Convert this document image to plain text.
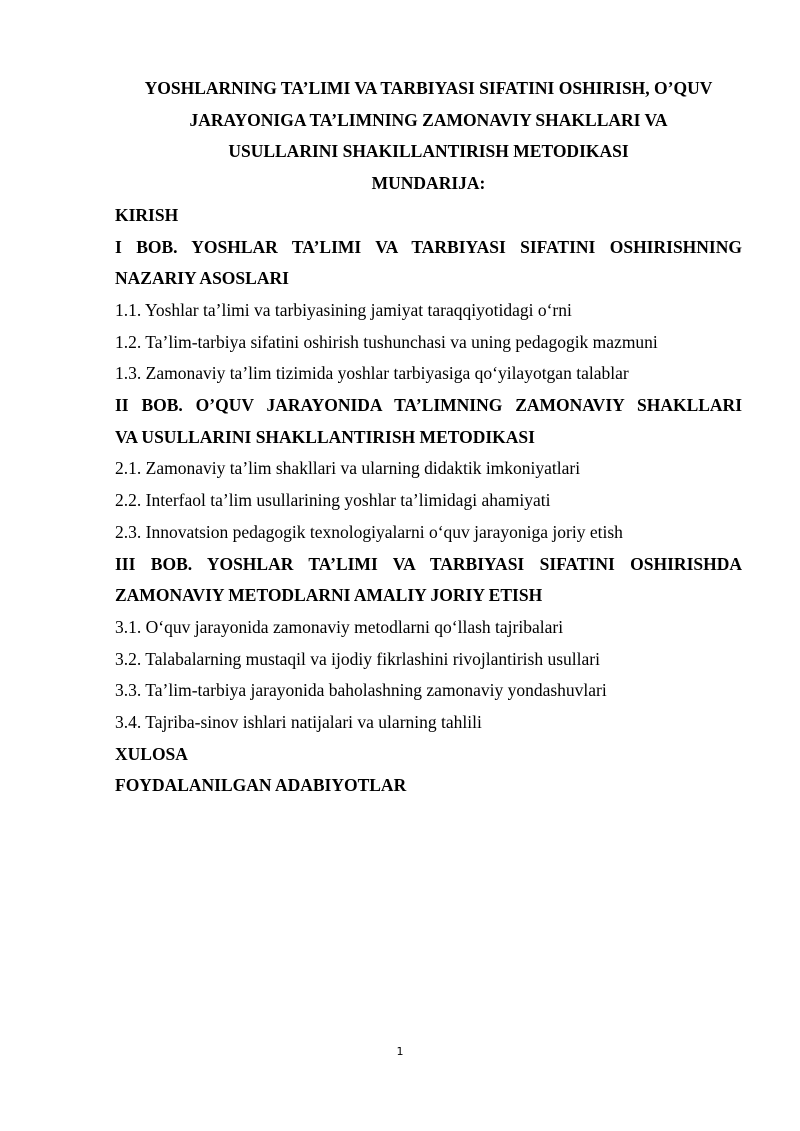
YOSHLARNING TA’LIMI VA TARBIYASI SIFATINI OSHIRISH, O’QUV
JARAYONIGA TA’LIMNING ZAMONAVIY SHAKLLARI VA
USULLARINI SHAKILLANTIRISH METODIKASI
MUNDARIJA:
KIRISH
I BOB. YOSHLAR TA’LIMI VA TARBIYASI SIFATINI OSHIRISHNING
NAZARIY ASOSLARI
1.1. Yoshlar ta’limi va tarbiyasining jamiyat taraqqiyotidagi o‘rni
1.2. Ta’lim-tarbiya sifatini oshirish tushunchasi va uning pedagogik mazmuni
1.3. Zamonaviy ta’lim tizimida yoshlar tarbiyasiga qo‘yilayotgan talablar
II BOB. O’QUV JARAYONIDA TA’LIMNING ZAMONAVIY SHAKLLARI
VA USULLARINI SHAKLLANTIRISH METODIKASI
2.1. Zamonaviy ta’lim shakllari va ularning didaktik imkoniyatlari
2.2. Interfaol ta’lim usullarining yoshlar ta’limidagi ahamiyati
2.3. Innovatsion pedagogik texnologiyalarni o‘quv jarayoniga joriy etish
III BOB. YOSHLAR TA’LIMI VA TARBIYASI SIFATINI OSHIRISHDA
ZAMONAVIY METODLARNI AMALIY JORIY ETISH
3.1. O‘quv jarayonida zamonaviy metodlarni qo‘llash tajribalari
3.2. Talabalarning mustaqil va ijodiy fikrlashini rivojlantirish usullari
3.3. Ta’lim-tarbiya jarayonida baholashning zamonaviy yondashuvlari
3.4. Tajriba-sinov ishlari natijalari va ularning tahlili
XULOSA
FOYDALANILGAN ADABIYOTLAR
1
